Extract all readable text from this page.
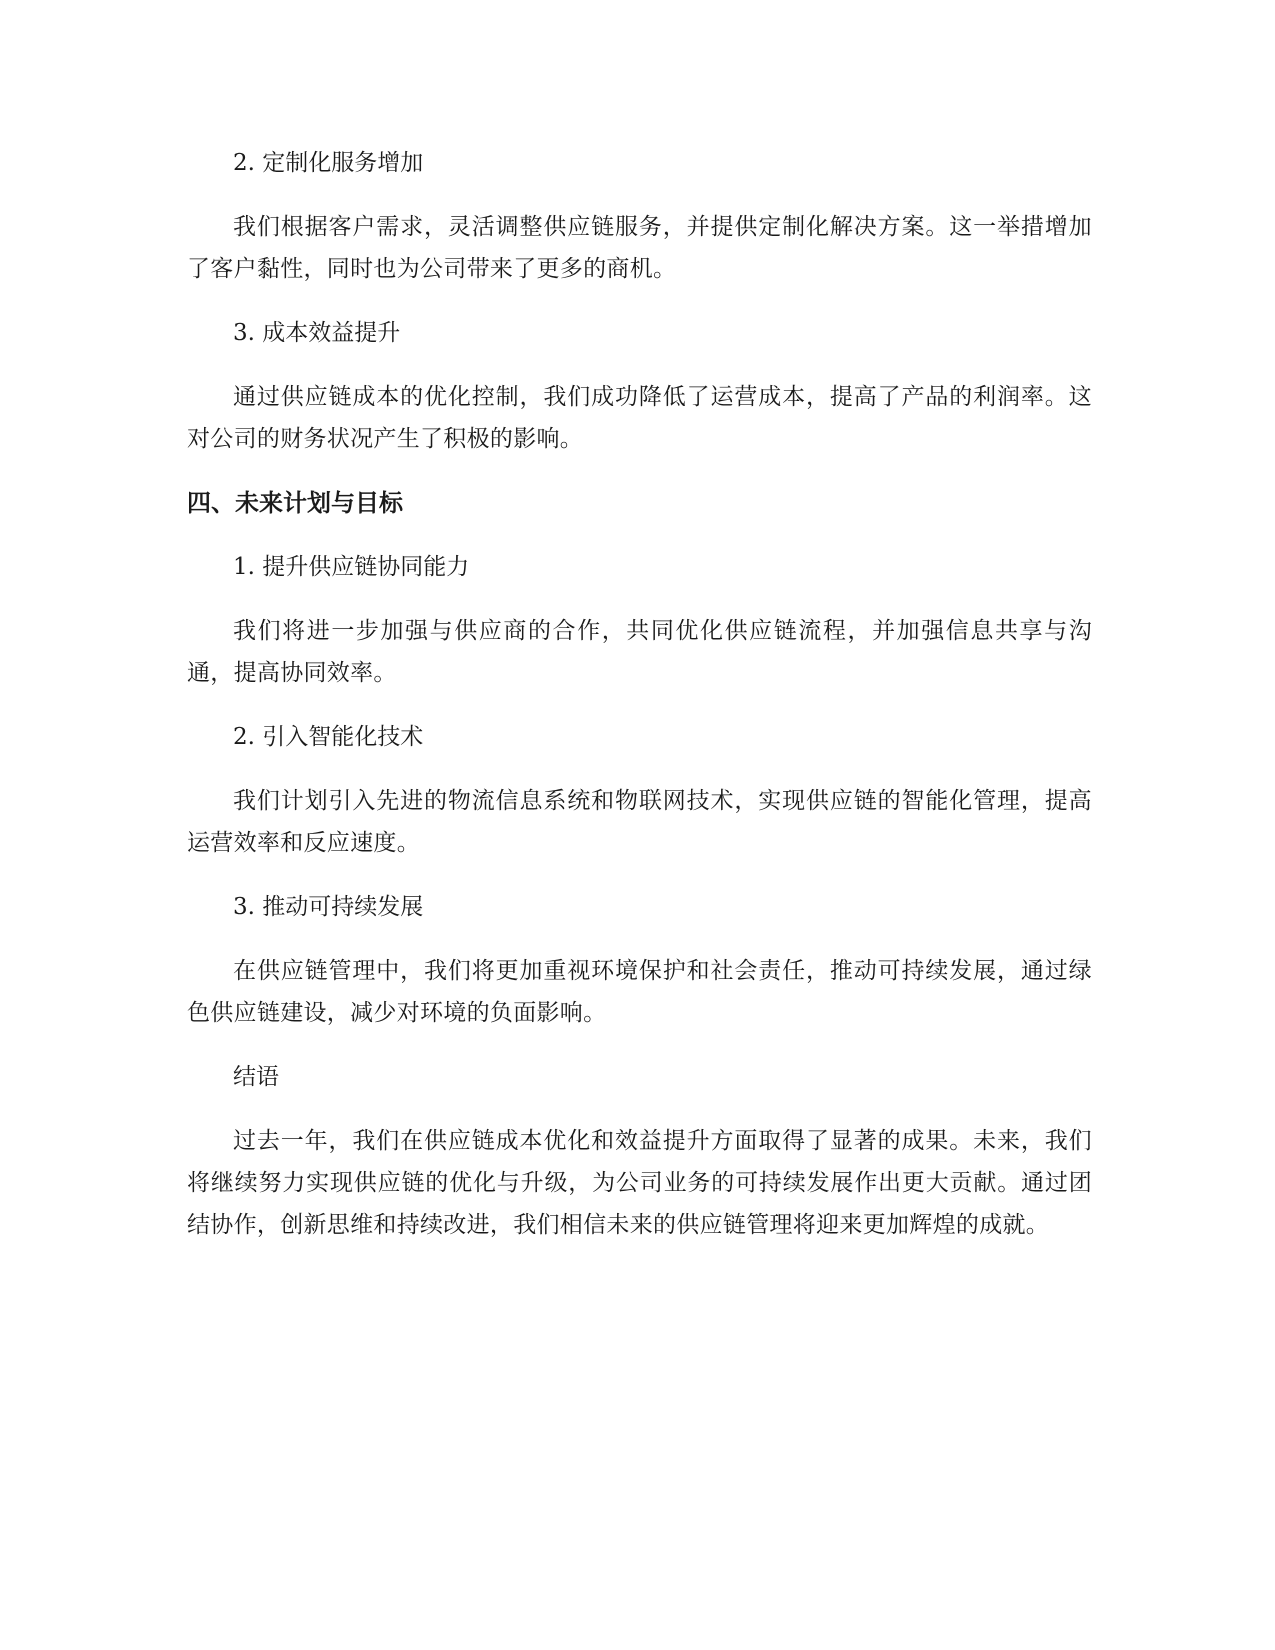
2. 定制化服务增加

我们根据客户需求，灵活调整供应链服务，并提供定制化解决方案。这一举措增加了客户黏性，同时也为公司带来了更多的商机。

3. 成本效益提升

通过供应链成本的优化控制，我们成功降低了运营成本，提高了产品的利润率。这对公司的财务状况产生了积极的影响。

四、未来计划与目标

1. 提升供应链协同能力

我们将进一步加强与供应商的合作，共同优化供应链流程，并加强信息共享与沟通，提高协同效率。

2. 引入智能化技术

我们计划引入先进的物流信息系统和物联网技术，实现供应链的智能化管理，提高运营效率和反应速度。

3. 推动可持续发展

在供应链管理中，我们将更加重视环境保护和社会责任，推动可持续发展，通过绿色供应链建设，减少对环境的负面影响。

结语

过去一年，我们在供应链成本优化和效益提升方面取得了显著的成果。未来，我们将继续努力实现供应链的优化与升级，为公司业务的可持续发展作出更大贡献。通过团结协作，创新思维和持续改进，我们相信未来的供应链管理将迎来更加辉煌的成就。
